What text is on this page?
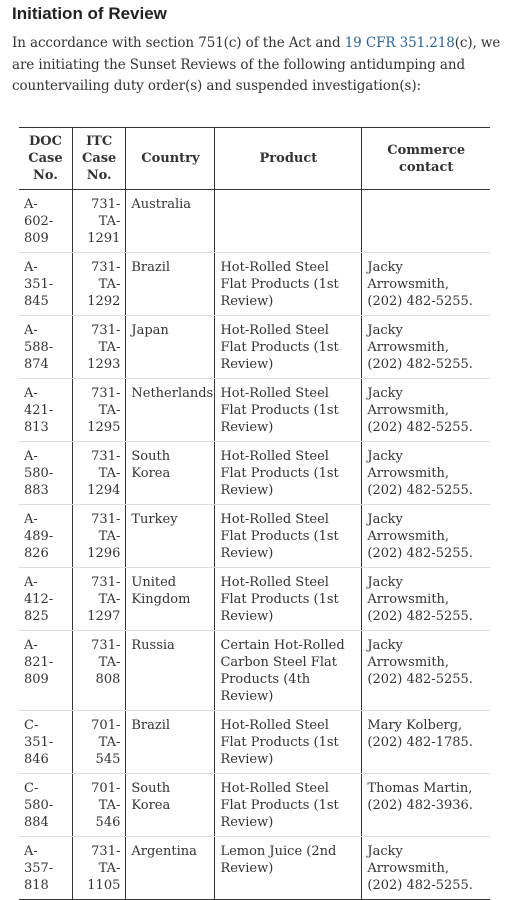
Initiation of Review

In accordance with section 751(c) of the Act and 19 CFR 351.218(c), we are initiating the Sunset Reviews of the following antidumping and countervailing duty order(s) and suspended investigation(s):

DOC Case No.	ITC Case No.	Country	Product	Commerce contact
A-602-809	731-TA-1291	Australia		
A-351-845	731-TA-1292	Brazil	Hot-Rolled Steel Flat Products (1st Review)	Jacky Arrowsmith, (202) 482-5255.
A-588-874	731-TA-1293	Japan	Hot-Rolled Steel Flat Products (1st Review)	Jacky Arrowsmith, (202) 482-5255.
A-421-813	731-TA-1295	Netherlands	Hot-Rolled Steel Flat Products (1st Review)	Jacky Arrowsmith, (202) 482-5255.
A-580-883	731-TA-1294	South Korea	Hot-Rolled Steel Flat Products (1st Review)	Jacky Arrowsmith, (202) 482-5255.
A-489-826	731-TA-1296	Turkey	Hot-Rolled Steel Flat Products (1st Review)	Jacky Arrowsmith, (202) 482-5255.
A-412-825	731-TA-1297	United Kingdom	Hot-Rolled Steel Flat Products (1st Review)	Jacky Arrowsmith, (202) 482-5255.
A-821-809	731-TA-808	Russia	Certain Hot-Rolled Carbon Steel Flat Products (4th Review)	Jacky Arrowsmith, (202) 482-5255.
C-351-846	701-TA-545	Brazil	Hot-Rolled Steel Flat Products (1st Review)	Mary Kolberg, (202) 482-1785.
C-580-884	701-TA-546	South Korea	Hot-Rolled Steel Flat Products (1st Review)	Thomas Martin, (202) 482-3936.
A-357-818	731-TA-1105	Argentina	Lemon Juice (2nd Review)	Jacky Arrowsmith, (202) 482-5255.
